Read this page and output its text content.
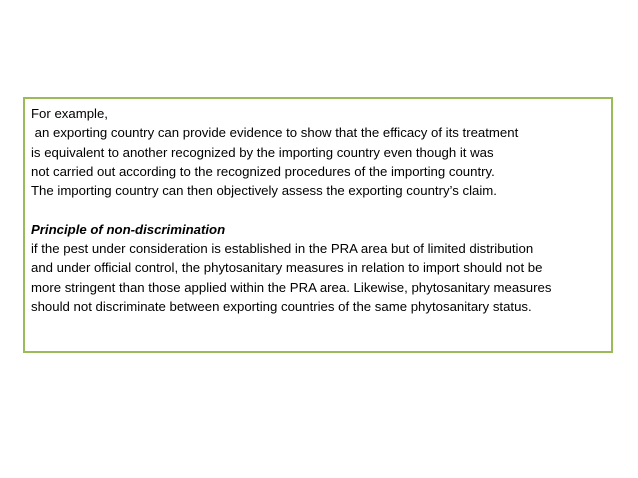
For example,
an exporting country can provide evidence to show that the efficacy of its treatment
is equivalent to another recognized by the importing country even though it was
not carried out according to the recognized procedures of the importing country.
The importing country can then objectively assess the exporting country’s claim.
Principle of non-discrimination
if the pest under consideration is established in the PRA area but of limited distribution
and under official control, the phytosanitary measures in relation to import should not be
more stringent than those applied within the PRA area. Likewise, phytosanitary measures
should not discriminate between exporting countries of the same phytosanitary status.
